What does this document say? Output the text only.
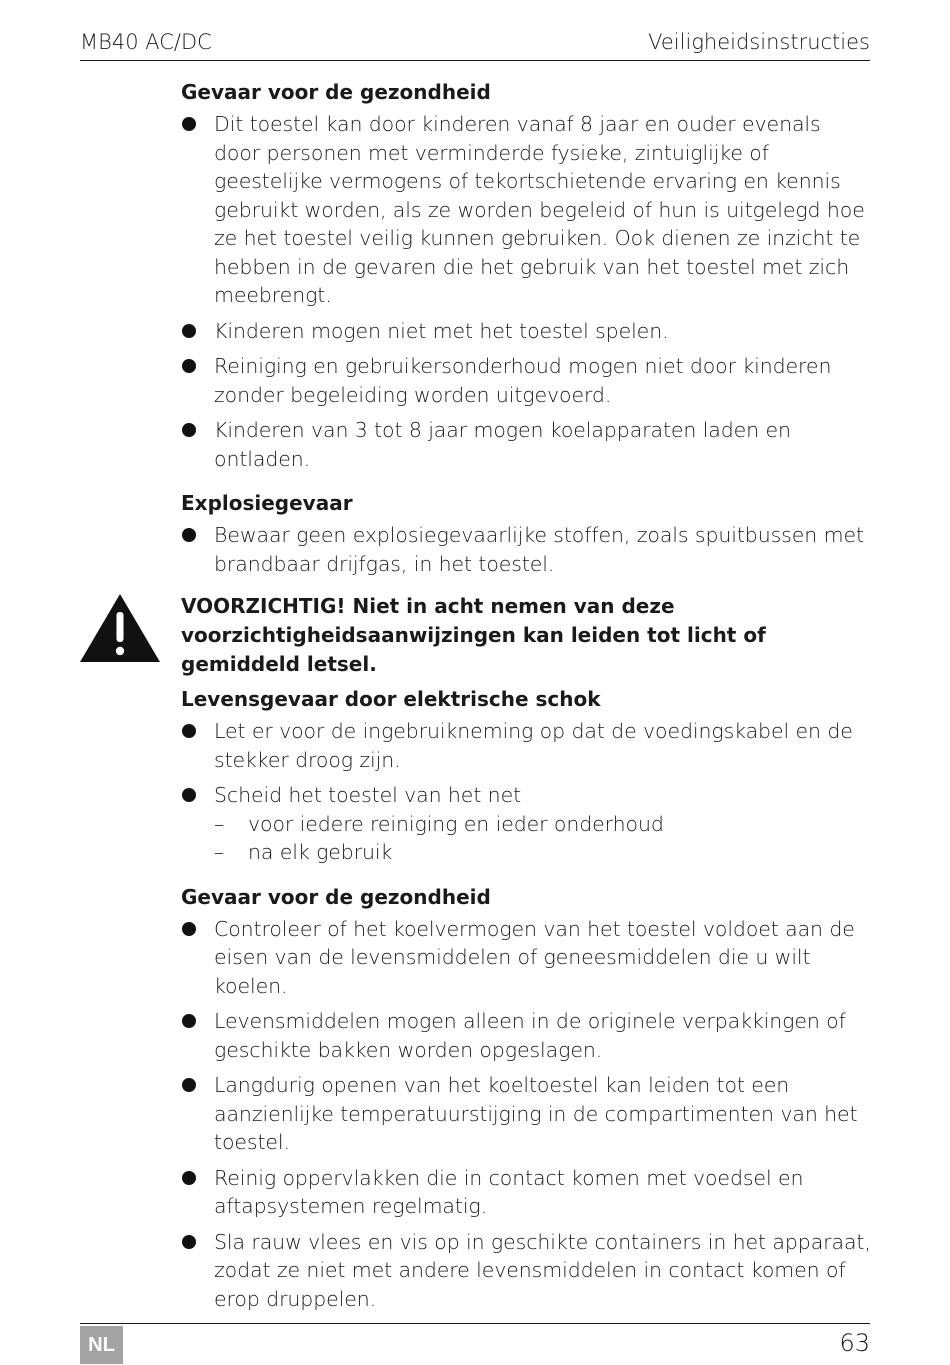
MB40 AC/DC	Veiligheidsinstructies
Gevaar voor de gezondheid
Dit toestel kan door kinderen vanaf 8 jaar en ouder evenals door personen met verminderde fysieke, zintuiglijke of geestelijke vermogens of tekortschietende ervaring en kennis gebruikt worden, als ze worden begeleid of hun is uitgelegd hoe ze het toestel veilig kunnen gebruiken. Ook dienen ze inzicht te hebben in de gevaren die het gebruik van het toestel met zich meebrengt.
Kinderen mogen niet met het toestel spelen.
Reiniging en gebruikersonderhoud mogen niet door kinderen zonder begeleiding worden uitgevoerd.
Kinderen van 3 tot 8 jaar mogen koelapparaten laden en ontladen.
Explosiegevaar
Bewaar geen explosiegevaarlijke stoffen, zoals spuitbussen met brandbaar drijfgas, in het toestel.
VOORZICHTIG! Niet in acht nemen van deze voorzichtigheidsaanwijzingen kan leiden tot licht of gemiddeld letsel.
Levensgevaar door elektrische schok
Let er voor de ingebruikneming op dat de voedingskabel en de stekker droog zijn.
Scheid het toestel van het net
– voor iedere reiniging en ieder onderhoud
– na elk gebruik
Gevaar voor de gezondheid
Controleer of het koelvermogen van het toestel voldoet aan de eisen van de levensmiddelen of geneesmiddelen die u wilt koelen.
Levensmiddelen mogen alleen in de originele verpakkingen of geschikte bakken worden opgeslagen.
Langdurig openen van het koeltoestel kan leiden tot een aanzienlijke temperatuurstijging in de compartimenten van het toestel.
Reinig oppervlakken die in contact komen met voedsel en aftapsystemen regelmatig.
Sla rauw vlees en vis op in geschikte containers in het apparaat, zodat ze niet met andere levensmiddelen in contact komen of erop druppelen.
NL	63
